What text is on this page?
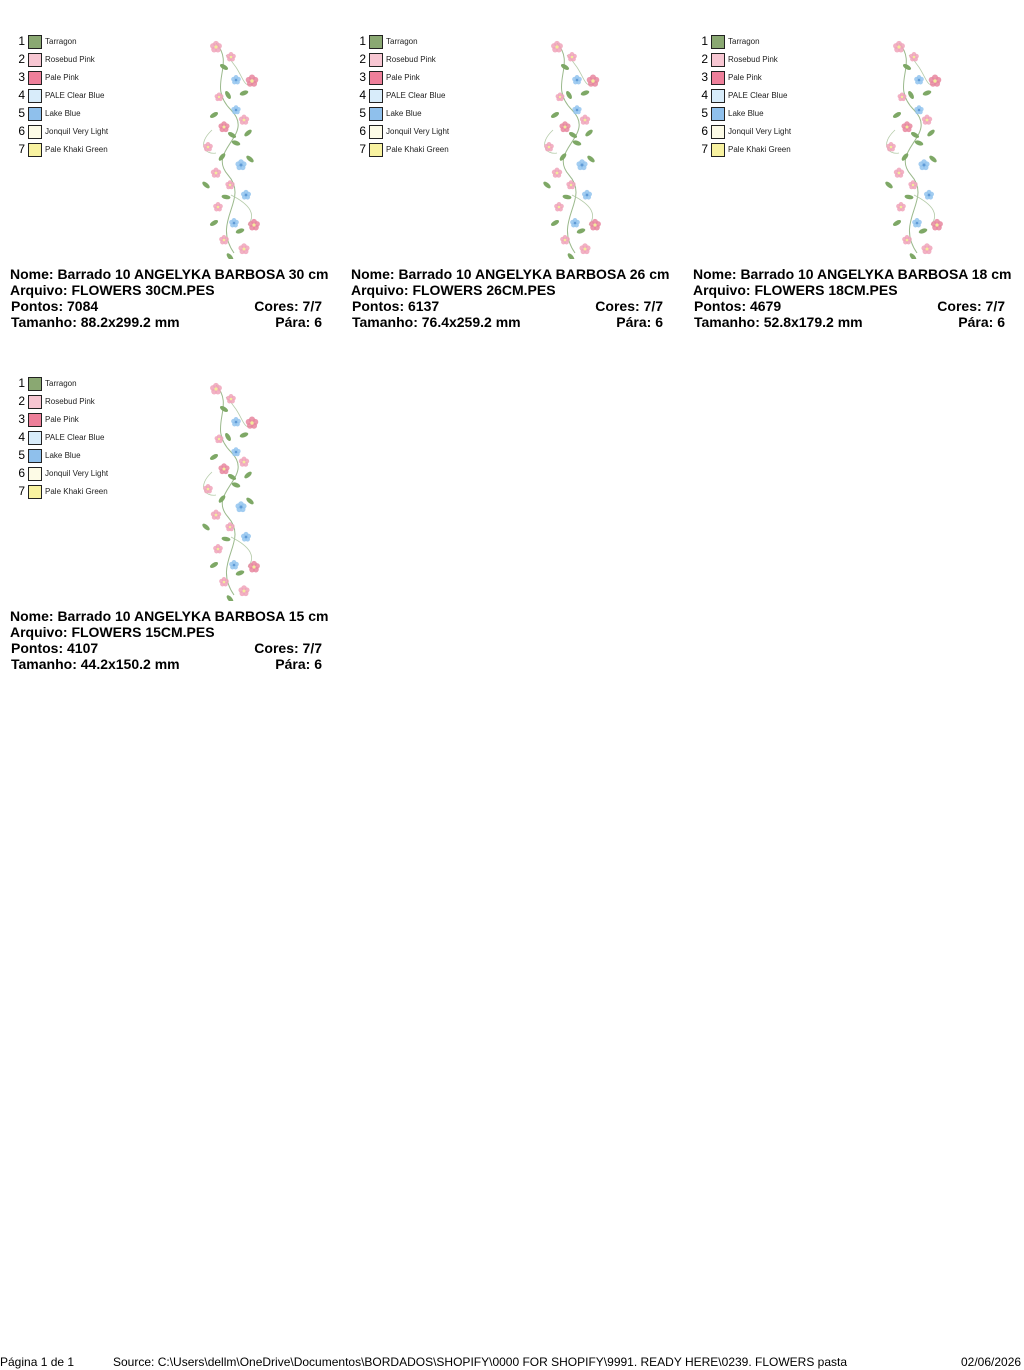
1	Tarragon
2	Rosebud Pink
3	Pale Pink
4	PALE Clear Blue
5	Lake Blue
6	Jonquil Very Light
7	Pale Khaki Green
Nome: Barrado 10 ANGELYKA BARBOSA 30 cm
Arquivo: FLOWERS 30CM.PES
Pontos: 7084	Cores: 7/7
Tamanho: 88.2x299.2 mm	Pára: 6
1	Tarragon
2	Rosebud Pink
3	Pale Pink
4	PALE Clear Blue
5	Lake Blue
6	Jonquil Very Light
7	Pale Khaki Green
Nome: Barrado 10 ANGELYKA BARBOSA 26 cm
Arquivo: FLOWERS 26CM.PES
Pontos: 6137	Cores: 7/7
Tamanho: 76.4x259.2 mm	Pára: 6
1	Tarragon
2	Rosebud Pink
3	Pale Pink
4	PALE Clear Blue
5	Lake Blue
6	Jonquil Very Light
7	Pale Khaki Green
Nome: Barrado 10 ANGELYKA BARBOSA 18 cm
Arquivo: FLOWERS 18CM.PES
Pontos: 4679	Cores: 7/7
Tamanho: 52.8x179.2 mm	Pára: 6
1	Tarragon
2	Rosebud Pink
3	Pale Pink
4	PALE Clear Blue
5	Lake Blue
6	Jonquil Very Light
7	Pale Khaki Green
Nome: Barrado 10 ANGELYKA BARBOSA 15 cm
Arquivo: FLOWERS 15CM.PES
Pontos: 4107	Cores: 7/7
Tamanho: 44.2x150.2 mm	Pára: 6
Página 1 de 1	Source: C:\Users\dellm\OneDrive\Documentos\BORDADOS\SHOPIFY\0000 FOR SHOPIFY\9991. READY HERE\0239. FLOWERS pasta	02/06/2026
